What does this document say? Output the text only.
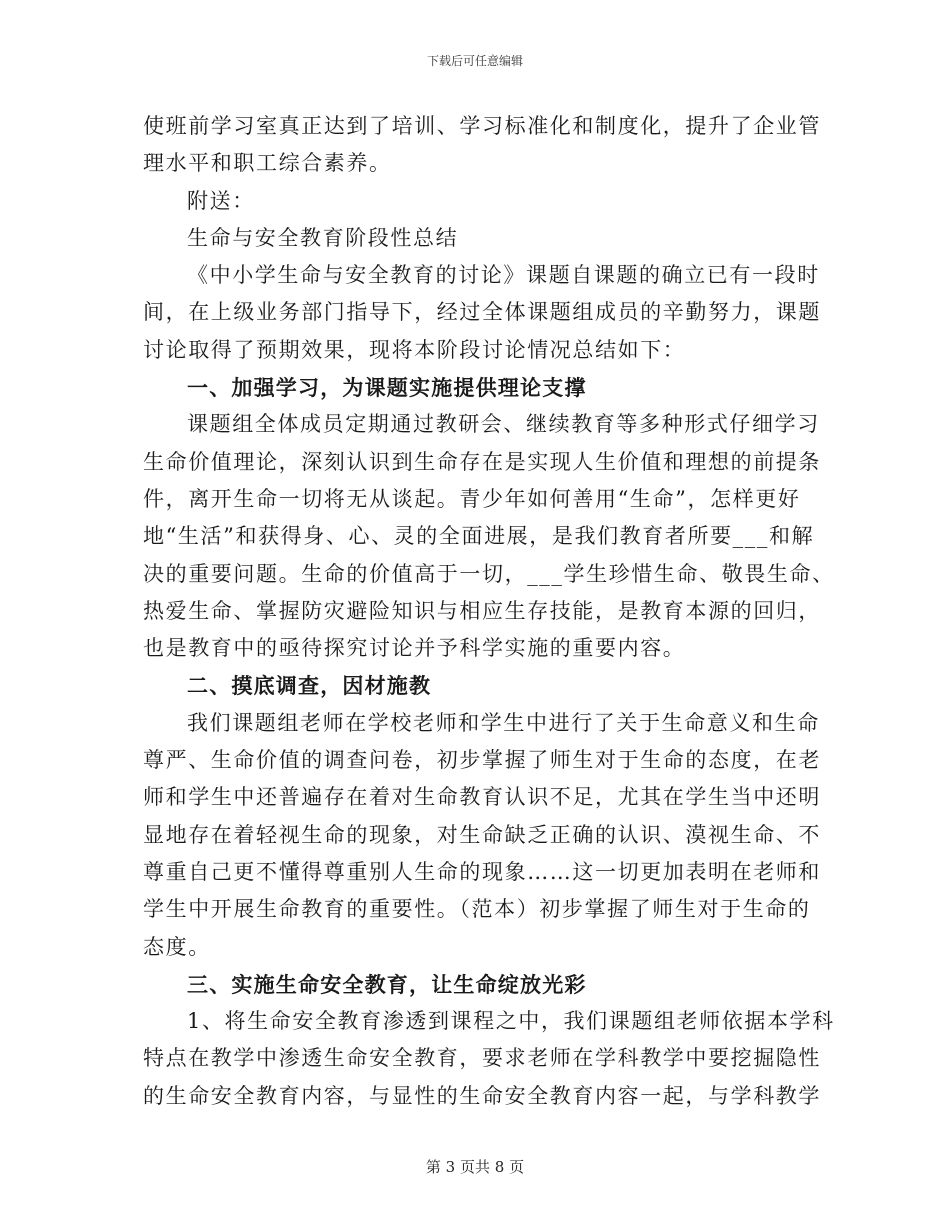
下载后可任意编辑
使班前学习室真正达到了培训、学习标准化和制度化，提升了企业管
理水平和职工综合素养。
附送：
生命与安全教育阶段性总结
《中小学生命与安全教育的讨论》课题自课题的确立已有一段时
间，在上级业务部门指导下，经过全体课题组成员的辛勤努力，课题
讨论取得了预期效果，现将本阶段讨论情况总结如下：
一、加强学习，为课题实施提供理论支撑
课题组全体成员定期通过教研会、继续教育等多种形式仔细学习
生命价值理论，深刻认识到生命存在是实现人生价值和理想的前提条
件，离开生命一切将无从谈起。青少年如何善用“生命”，怎样更好
地“生活”和获得身、心、灵的全面进展，是我们教育者所要___和解
决的重要问题。生命的价值高于一切，___学生珍惜生命、敬畏生命、
热爱生命、掌握防灾避险知识与相应生存技能，是教育本源的回归，
也是教育中的亟待探究讨论并予科学实施的重要内容。
二、摸底调查，因材施教
我们课题组老师在学校老师和学生中进行了关于生命意义和生命
尊严、生命价值的调查问卷，初步掌握了师生对于生命的态度，在老
师和学生中还普遍存在着对生命教育认识不足，尤其在学生当中还明
显地存在着轻视生命的现象，对生命缺乏正确的认识、漠视生命、不
尊重自己更不懂得尊重别人生命的现象……这一切更加表明在老师和
学生中开展生命教育的重要性。（范本）初步掌握了师生对于生命的
态度。
三、实施生命安全教育，让生命绽放光彩
1、将生命安全教育渗透到课程之中，我们课题组老师依据本学科
特点在教学中渗透生命安全教育，要求老师在学科教学中要挖掘隐性
的生命安全教育内容，与显性的生命安全教育内容一起，与学科教学
第 3 页共 8 页
